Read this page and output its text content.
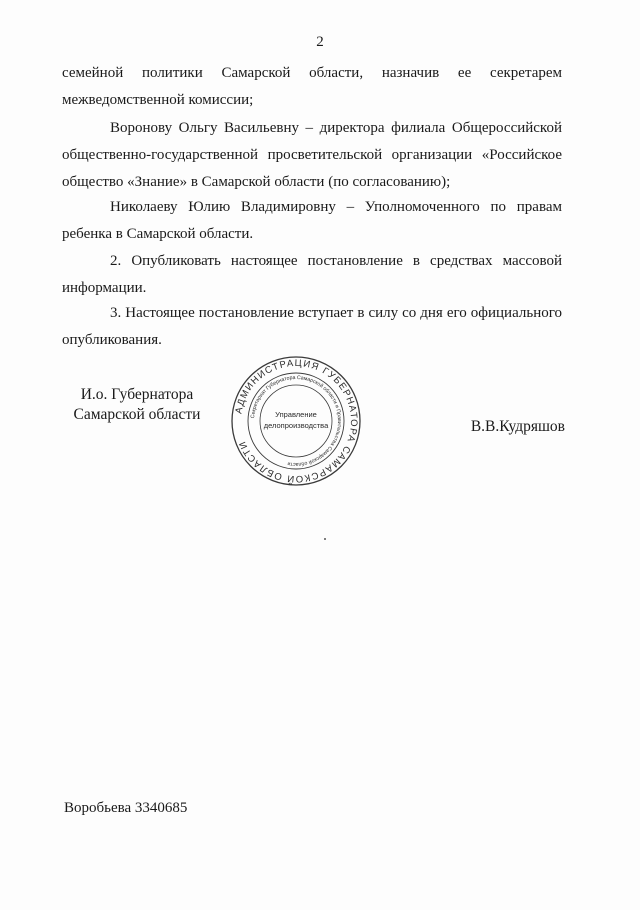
2
семейной политики Самарской области, назначив ее секретарем межведомственной комиссии;
Воронову Ольгу Васильевну – директора филиала Общероссийской общественно-государственной просветительской организации «Российское общество «Знание» в Самарской области (по согласованию);
Николаеву Юлию Владимировну – Уполномоченного по правам ребенка в Самарской области.
2. Опубликовать настоящее постановление в средствах массовой информации.
3. Настоящее постановление вступает в силу со дня его официального опубликования.
И.о. Губернатора
Самарской области
В.В.Кудряшов
АДМИНИСТРАЦИЯ ГУБЕРНАТОРА САМАРСКОЙ ОБЛАСТИ
Секретариат Губернатора Самарской области и Правительства Самарской области
Управление
делопроизводства
Воробьева 3340685
